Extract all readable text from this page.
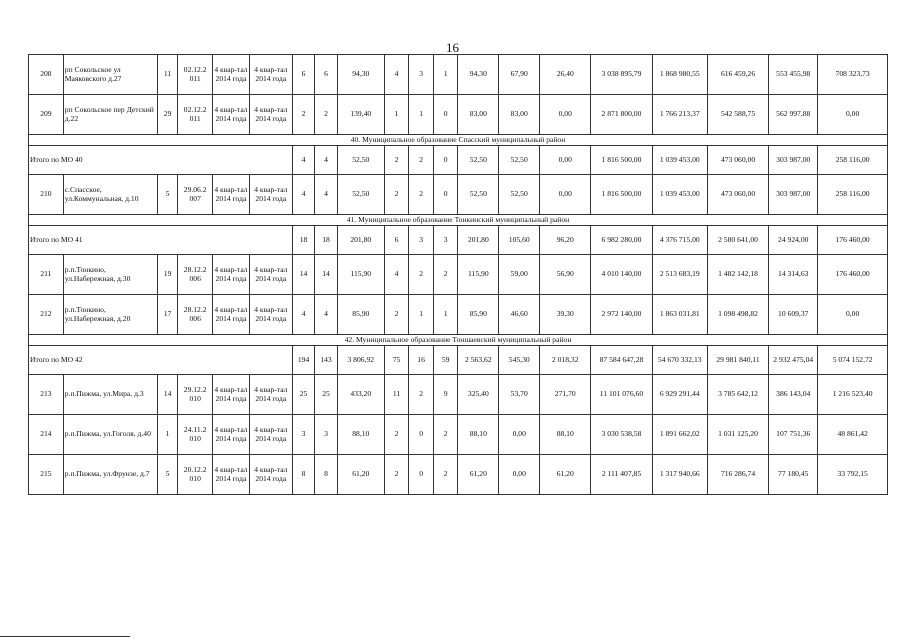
16
208	рп Сокольское ул Маяковского д.27	11	02.12.2 011	4 квар-тал 2014 года	4 квар-тал 2014 года	6	6	94,30	4	3	1	94,30	67,90	26,40	3 038 895,79	1 868 980,55	616 459,26	553 455,98	708 323,73
209	рп Сокольское пер Детский д.22	29	02.12.2 011	4 квар-тал 2014 года	4 квар-тал 2014 года	2	2	139,40	1	1	0	83,00	83,00	0,00	2 871 800,00	1 766 213,37	542 588,75	562 997,88	0,00
40. Муниципальное образование Спасский муниципальный район																			
Итого по МО 40						4	4	52,50	2	2	0	52,50	52,50	0,00	1 816 500,00	1 039 453,00	473 060,00	303 987,00	258 116,00
210	с.Спасское, ул.Коммунальная, д.10	5	29.06.2 007	4 квар-тал 2014 года	4 квар-тал 2014 года	4	4	52,50	2	2	0	52,50	52,50	0,00	1 816 500,00	1 039 453,00	473 060,00	303 987,00	258 116,00
41. Муниципальное образование Тонкинский муниципальный район																			
Итого по МО 41						18	18	201,80	6	3	3	201,80	105,60	96,20	6 982 280,00	4 376 715,00	2 580 641,00	24 924,00	176 460,00
211	р.п.Тонкино, ул.Набережная, д.30	19	28.12.2 006	4 квар-тал 2014 года	4 квар-тал 2014 года	14	14	115,90	4	2	2	115,90	59,00	56,90	4 010 140,00	2 513 683,19	1 482 142,18	14 314,63	176 460,00
212	р.п.Тонкино, ул.Набережная, д.20	17	28.12.2 006	4 квар-тал 2014 года	4 квар-тал 2014 года	4	4	85,90	2	1	1	85,90	46,60	39,30	2 972 140,00	1 863 031,81	1 098 498,82	10 609,37	0,00
42. Муниципальное образование Тоншаевский муниципальный район																			
Итого по МО 42						194	143	3 806,92	75	16	59	2 563,62	545,30	2 018,32	87 584 647,28	54 670 332,13	29 981 840,11	2 932 475,04	5 074 152,72
213	р.п.Пижма, ул.Мира, д.3	14	29.12.2 010	4 квар-тал 2014 года	4 квар-тал 2014 года	25	25	433,20	11	2	9	325,40	53,70	271,70	11 101 076,60	6 929 291,44	3 785 642,12	386 143,04	1 216 523,40
214	р.п.Пижма, ул.Гоголя, д.40	1	24.11.2 010	4 квар-тал 2014 года	4 квар-тал 2014 года	3	3	88,10	2	0	2	88,10	0,00	88,10	3 030 538,58	1 891 662,02	1 031 125,20	107 751,36	48 861,42
215	р.п.Пижма, ул.Фрунзе, д.7	5	20.12.2 010	4 квар-тал 2014 года	4 квар-тал 2014 года	8	8	61,20	2	0	2	61,20	0,00	61,20	2 111 407,85	1 317 940,66	716 286,74	77 180,45	33 792,15
